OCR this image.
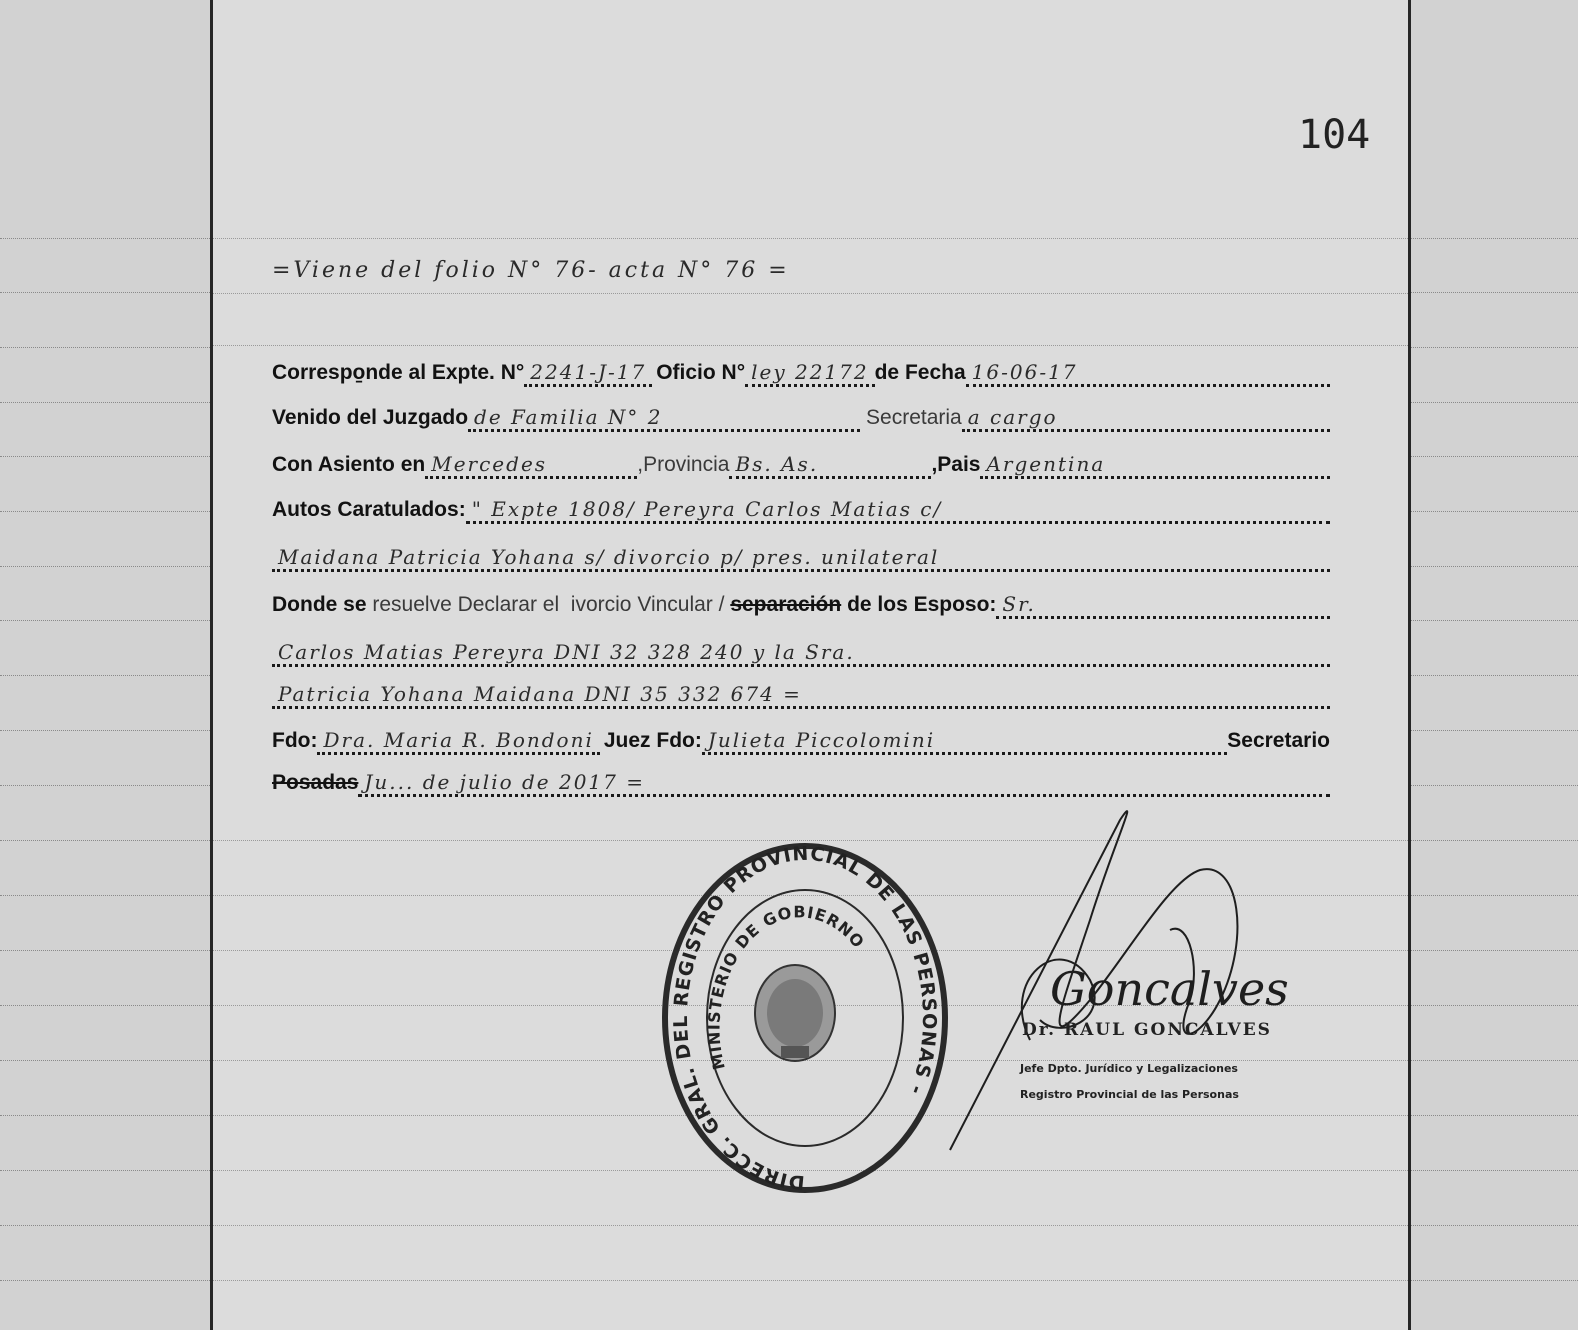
104
=Viene del folio N° 76- acta N° 76 =
Correspo̱nde al Expte. N° 2241-J-17 Oficio N° ley 22172 de Fecha 16-06-17
Venido del Juzgado de Familia N° 2	Secretaria a cargo
Con Asiento en Mercedes	,Provincia Bs. As.	,Pais Argentina
Autos Caratulados: " Expte 1808/ Pereyra Carlos Matias c/
Maidana Patricia Yohana s/ divorcio p/ pres. unilateral
Donde se
resuelve Declarar el
ivorcio Vincular /
separación
de los Esposo: Sr.
Carlos Matias Pereyra DNI 32 328 240 y la Sra.
Patricia Yohana Maidana DNI 35 332 674 =
Fdo: Dra. Maria R. Bondoni Juez Fdo: Julieta Piccolomini	Secretario
Posadas Ju... de julio de 2017 =
DIRECC. GRAL. DEL REGISTRO PROVINCIAL DE LAS PERSONAS -
MINISTERIO DE GOBIERNO
Goncalves
Dr. RAUL GONCALVES
Jefe Dpto. Jurídico y Legalizaciones
Registro Provincial de las Personas
